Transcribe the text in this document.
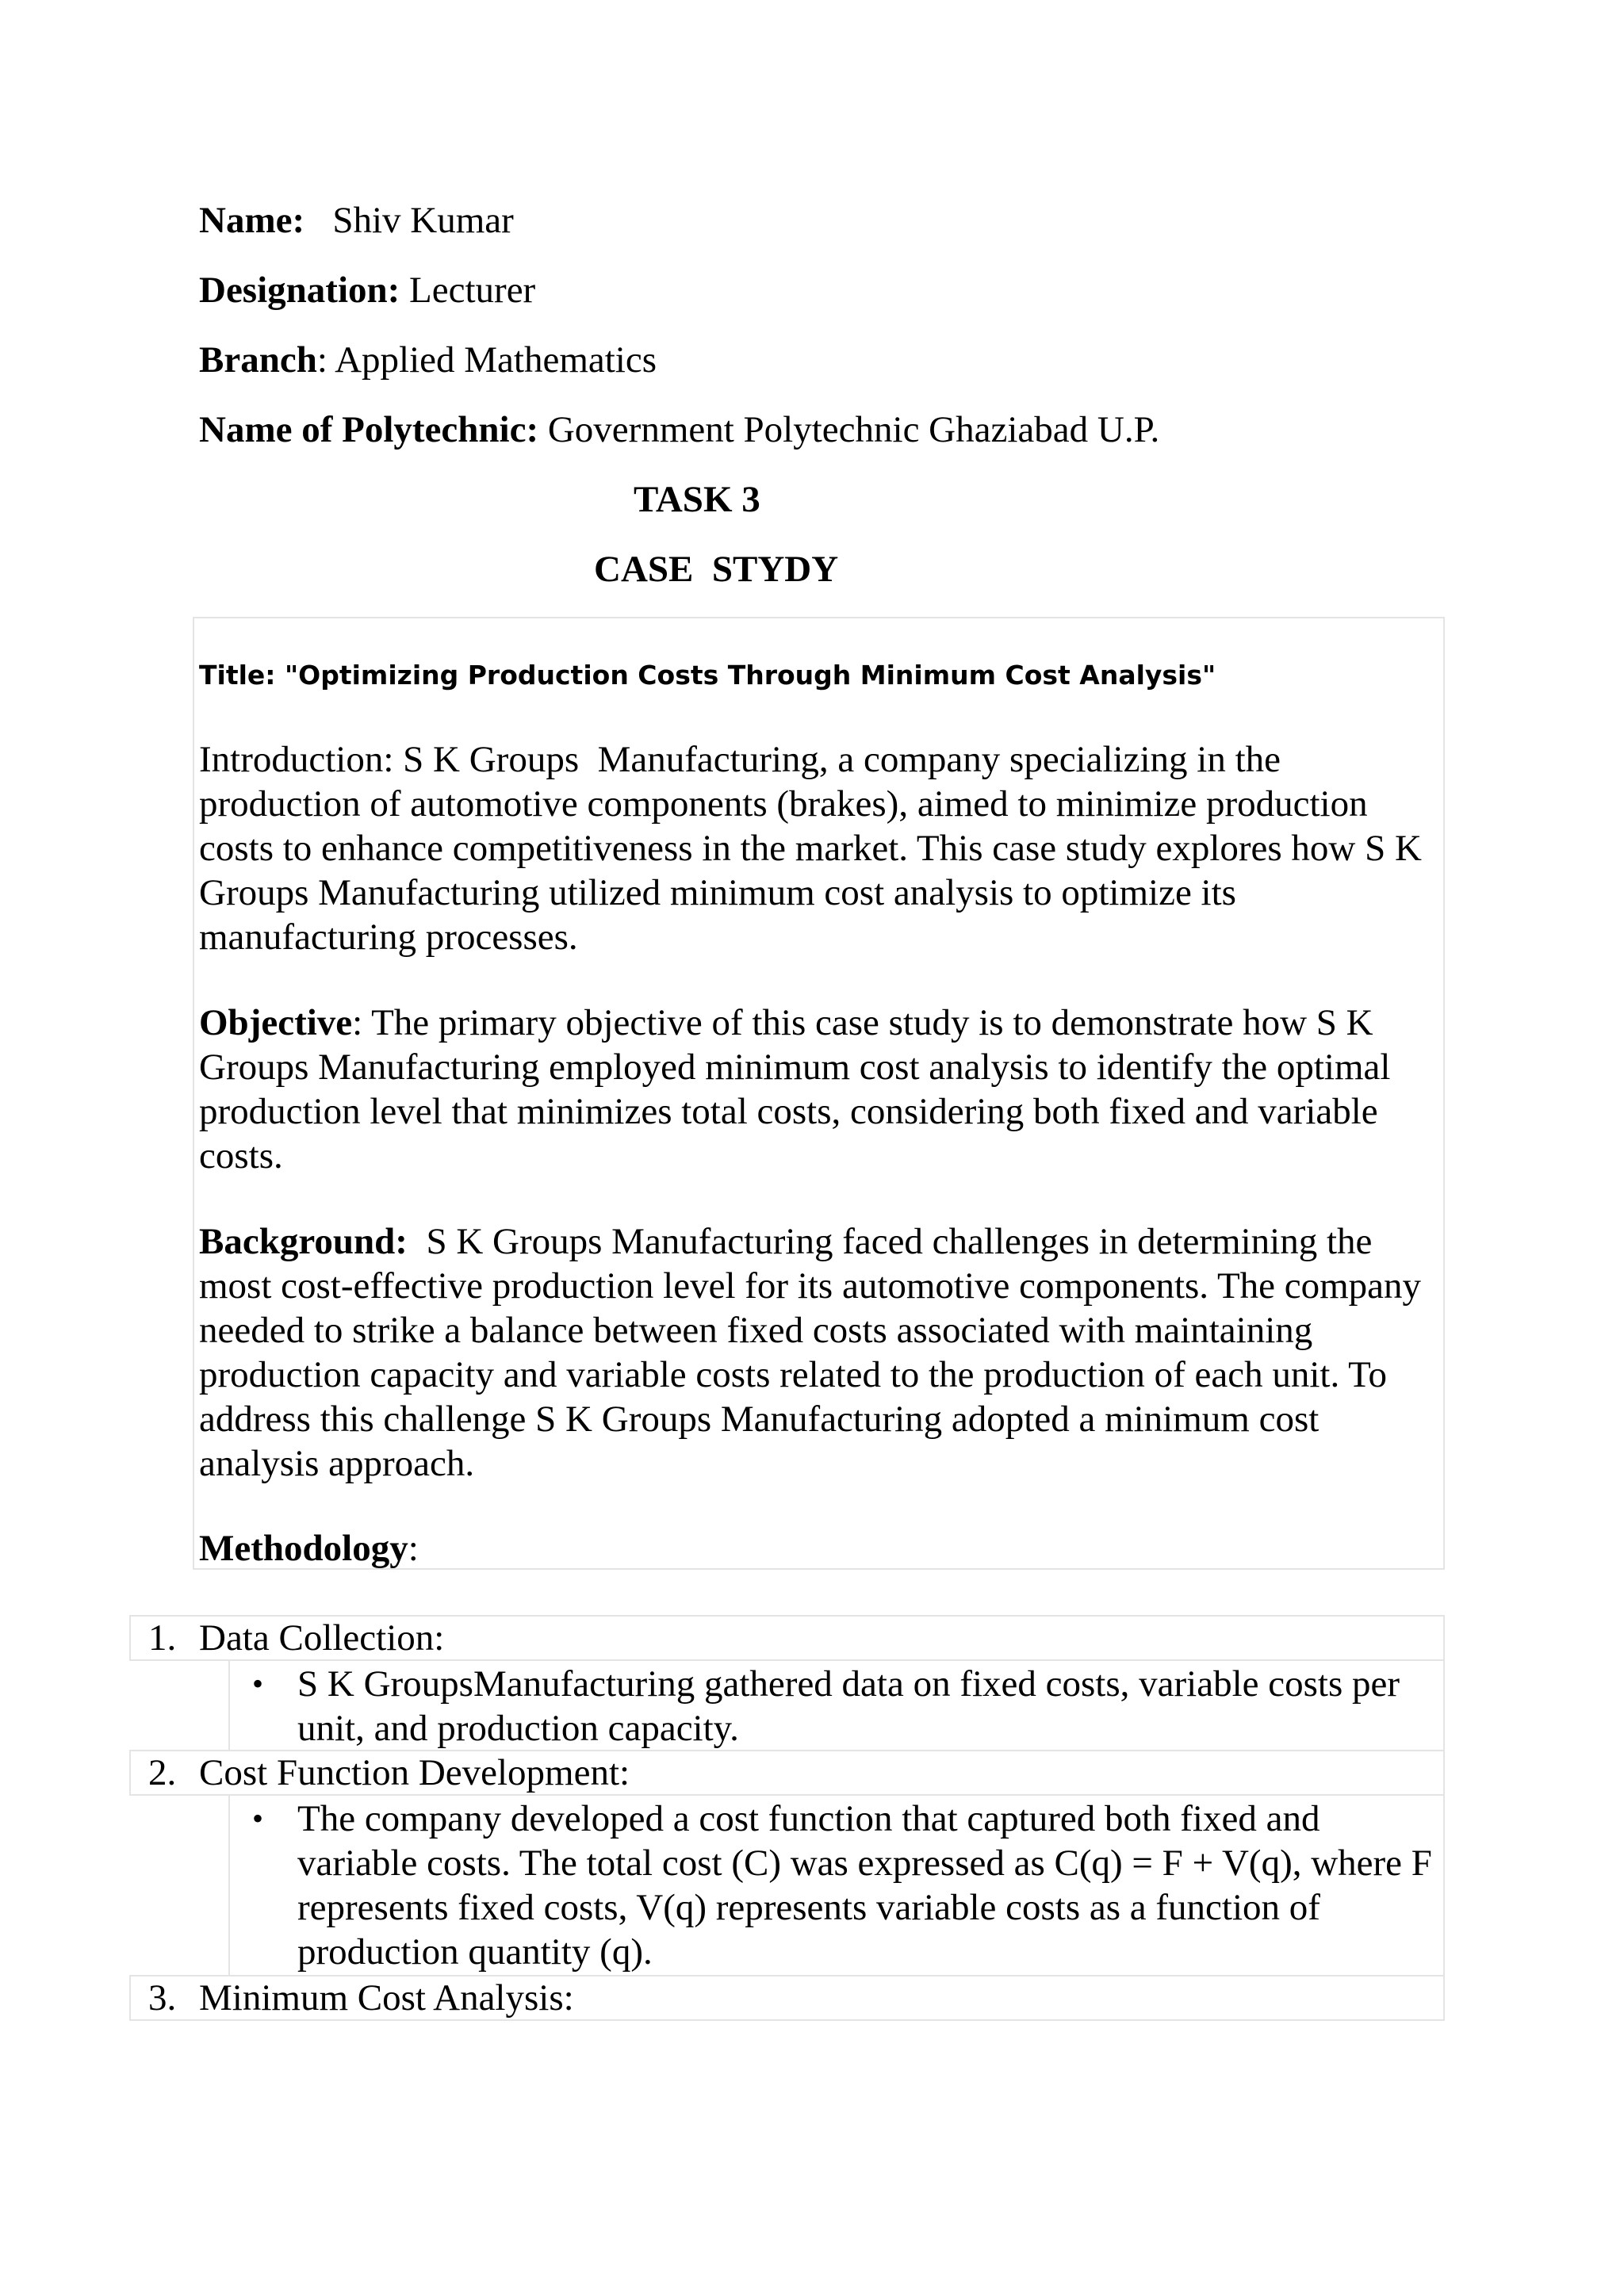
Name: Shiv Kumar
Designation: Lecturer
Branch: Applied Mathematics
Name of Polytechnic: Government Polytechnic Ghaziabad U.P.
TASK 3
CASE  STYDY
Title: "Optimizing Production Costs Through Minimum Cost Analysis"
Introduction: S K Groups  Manufacturing, a company specializing in the production of automotive components (brakes), aimed to minimize production costs to enhance competitiveness in the market. This case study explores how S K Groups Manufacturing utilized minimum cost analysis to optimize its manufacturing processes.
Objective: The primary objective of this case study is to demonstrate how S K Groups Manufacturing employed minimum cost analysis to identify the optimal production level that minimizes total costs, considering both fixed and variable costs.
Background:  S K Groups Manufacturing faced challenges in determining the most cost-effective production level for its automotive components. The company needed to strike a balance between fixed costs associated with maintaining production capacity and variable costs related to the production of each unit. To address this challenge S K Groups Manufacturing adopted a minimum cost analysis approach.
Methodology:
1. Data Collection:
• S K GroupsManufacturing gathered data on fixed costs, variable costs per unit, and production capacity.
2. Cost Function Development:
• The company developed a cost function that captured both fixed and variable costs. The total cost (C) was expressed as C(q) = F + V(q), where F represents fixed costs, V(q) represents variable costs as a function of production quantity (q).
3. Minimum Cost Analysis:
